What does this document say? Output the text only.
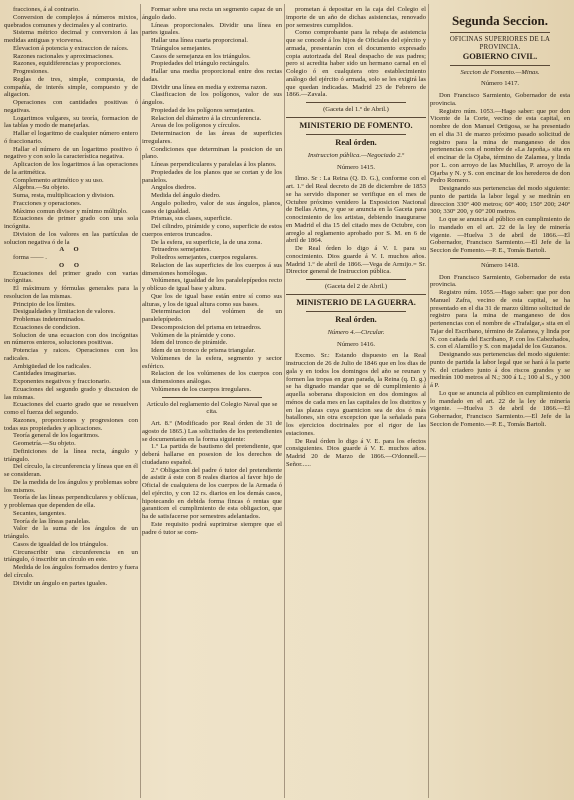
fracciones, á al contrario.

Conversion de complejos á números mixtos, quebrados comunes y decimales y al contrario.

Sistema métrico decimal y conversion á las medidas antiguas y viceversa.

Elevacion á potencia y extraccion de raíces.

Razones racionales y aproximaciones.

Razones, equidiferencias y proporciones.

Progresiones.

Reglas de tres, simple, compuesta, de compañía, de interés simple, compuesto y de aligacion.

Operaciones con cantidades positivas ó negativas.

Logaritmos vulgares, su teoría, formacion de las tablas y modo de manejarlas.

Hallar el logaritmo de cualquier número entero ó fraccionario.

Hallar el número de un logaritmo positivo ó negativo y con solo la característica negativa.

Aplicacion de los logaritmos á las operaciones de la aritmética.

Complemento aritmético y su uso.

Algebra.—Su objeto.

Suma, resta, multiplicacion y division.

Fracciones y operaciones.

Máximo comun divisor y mínimo múltiplo.

Ecuaciones de primer grado con una sola incógnita.

Division de los valores en las partículas de solucion negativa ó de la

A O

forma —— .

O O

Ecuaciones del primer grado con varias incógnitas.

El máximum y fórmulas generales para la resolucion de las mismas.

Principio de los límites.

Desigualdades y limitacion de valores.

Problemas indeterminados.

Ecuaciones de condicion.

Solucion de una ecuacion con dos incógnitas en números enteros, soluciones positivas.

Potencias y raices. Operaciones con los radicales.

Ambigüedad de los radicales.

Cantidades imaginarias.

Exponentes negativos y fraccionario.

Ecuaciones del segundo grado y discusion de las mismas.

Ecuaciones del cuarto grado que se resuelven como el fuerza del segundo.

Razones, proporciones y progresiones con todas sus propiedades y aplicaciones.

Teoría general de los logaritmos.

Geometría.—Su objeto.

Definiciones de la línea recta, ángulo y triángulo.

Del círculo, la circunferencia y líneas que en él se consideran.

De la medida de los ángulos y problemas sobre los mismos.

Teoría de las líneas perpendiculares y oblícuas, y problemas que dependen de ella.

Secantes, tangentes.

Teoría de las líneas paralelas.

Valor de la suma de los ángulos de un triángulo.

Casos de igualdad de los triángulos.

Circunscribir una circunferencia en un triángulo, ó inscribir un círculo en este.

Medida de los ángulos formados dentro y fuera del círculo.

Dividir un ángulo en partes iguales.

Formar sobre una recta un segmento capaz de un ángulo dado.

Líneas proporcionales. Dividir una línea en partes iguales.

Hallar una línea cuarta proporcional.

Triángulos semejantes.

Casos de semejanza en los triángulos.

Propiedades del triángulo rectángulo.

Hallar una media proporcional entre dos rectas dadas.

Dividir una línea en media y extrema razon.

Clasificacion de los polígonos, valor de sus ángulos.

Propiedad de los polígonos semejantes.

Relacion del diámetro á la circunferencia.

Areas de los polígonos y círculos.

Determinacion de las áreas de superficies irregulares.

Condiciones que determinan la posicion de un plano.

Líneas perpendiculares y paralelas á los planos.

Propiedades de los planos que se cortan y de los paralelos.

Angulos diedros.

Medida del ángulo diedro.

Angulo poliedro, valor de sus ángulos, planos, casos de igualdad.

Prismas, sus clases, superficie.

Del cilindro, pirámide y cono, superficie de estos cuerpos enteros truncados.

De la esfera, su superficie, la de una zona.

Tetraedros semejantes.

Poliedros semejantes, cuerpos regulares.

Relacion de las superficies de los cuerpos á sus dimensiones homólogas.

Volúmenes, igualdad de los paralelepípedos recto y oblícuo de igual base y altura.

Que los de igual base están entre sí como sus alturas, y los de igual altura como sus bases.

Determinacion del volúmen de un paralelepípedo.

Descomposicion del prisma en tetraedros.

Volúmen de la pirámide y cono.

Idem del tronco de pirámide.

Idem de un tronco de prisma triangular.

Volúmenes de la esfera, segmento y sector esférico.

Relacion de los volúmenes de los cuerpos con sus dimensiones análogas.

Volúmenes de los cuerpos irregulares.

Artículo del reglamento del Colegio Naval que se cita.

Art. 8.º (Modificado por Real órden de 31 de agosto de 1865.) Las solicitudes de los pretendientes se documentarán en la forma siguiente:

1.º La partida de bautismo del pretendiente, que deberá hallarse en posesion de los derechos de ciudadano español.

2.º Obligacion del padre ó tutor del pretendiente de asistir á este con 8 reales diarios al favor hijo de Oficial de cualquiera de los cuerpos de la Armada ó del ejército, y con 12 rs. diarios en los demás casos, hipotecando en debida forma fincas ó rentas que garanticen el cumplimiento de esta obligacion, que ha de satisfacerse por semestres adelantados.

Este requisito podrá suprimirse siempre que el padre ó tutor se com-

prometan á depositar en la caja del Colegio el importe de un año de dichas asistencias, renovado por semestres cumplidos.

Como comprobante para la rebaja de asistencia que se concede á los hijos de Oficiales del ejército y armada, presentarán con el documento expresado copia autorizada del Real despacho de sus padres; pero si acredita haber sido un hermano carnal en el Colegio ó en cualquiera otro establecimiento análogo del ejército ó armada, solo se les exigirá las que quedan indicadas. Madrid 23 de Febrero de 1866.—Zavala.

(Gaceta del 1.º de Abril.)

MINISTERIO DE FOMENTO.

Real órden.

Instruccion pública.—Negociado 2.º

Número 1415.

Ilmo. Sr : La Reina (Q. D. G.), conforme con el art. 1.º del Real decreto de 28 de diciembre de 1853 se ha servido disponer se verifique en el mes de Octubre próximo venidero la Exposicion Nacional de Bellas Artes, y que se anuncia en la Gaceta para conocimiento de los artistas, debiendo inaugurarse en Madrid el dia 15 del citado mes de Octubre, con arreglo al reglamento aprobado por S. M. en 6 de abril de 1864.

De Real órden lo digo á V. I. para su conocimiento. Dios guarde á V. I. muchos años. Madrid 1.º de abril de 1866.—Vega de Armijo.= Sr. Director general de Instruccion pública.

(Gaceta del 2 de Abril.)

MINISTERIO DE LA GUERRA.

Real órden.

Número 4.—Circular.

Número 1416.

Excmo. Sr.: Estando dispuesto en la Real instruccion de 26 de Julio de 1846 que en los dias de gala y en todos los domingos del año se reunan y formen las tropas en gran parada, la Reina (q. D. g.) se ha dignado mandar que se dé cumplimiento á aquella soberana disposicion en dos domingos al ménos de cada mes en las capitales de los distritos y en las plazas cuya guarnicion sea de dos ó más batallones, sin otra excepcion que la señalada para los ejercicios doctrinales por el rigor de las estaciones.

De Real órden lo digo á V. E. para los efectos consiguientes. Dios guarde á V. E. muchos años. Madrid 20 de Marzo de 1866.—O'donnell.—Señor......

Segunda Seccion.

OFICINAS SUPERIORES DE LA

PROVINCIA.

GOBIERNO CIVIL.

Seccion de Fomento.—Minas.

Número 1417.

Don Francisco Sarmiento, Gobernador de esta provincia.

Registro núm. 1053.—Hago saber: que por don Vicente de la Corte, vecino de esta capital, en nombre de don Manuel Ortigosa, se ha presentado en el dia 31 de marzo próximo pasado solicitud de registro para la mina de manganeso de dos pertenencias con el nombre de «La Japoña,» sita en el encinar de la Ojaba, término de Zalamea, y linda por L. con arroyo de las Muchillas, P. arroyo de la Ojarba y N. y S. con encinar de los herederos de don Pedro Romero.

Designando sus pertenencias del modo siguiente: punto de partida la labor legal y se medirán en direccion 330º 400 metros; 60º 400; 150º 200; 240º 300; 330º 200, y 60º 200 metros.

Lo que se anuncia al público en cumplimiento de lo mandado en el art. 22 de la ley de minería vigente. —Huelva 3 de abril de 1866.—El Gobernador, Francisco Sarmiento.—El Jefe de la Seccion de Fomento.—P. E., Tomás Bartoli.

Número 1418.

Don Francisco Sarmiento, Gobernador de esta provincia.

Registro núm. 1055.—Hago saber: que por don Manuel Zafra, vecino de esta capital, se ha presentado en el dia 31 de marzo último solicitud de registro para la mina de manganeso de dos pertenencias con el nombre de «Trafalgar,» sita en el Tajar del Escribano, término de Zalamea, y linda por N. con cañada del Escribano, P. con los Cabezhados, S. con el Alamillo y S. con majadal de los Guzanos.

Designando sus pertenencias del modo siguiente: punto de partida la labor legal que se hará á la parte N. del criadero junto á dos riscos grandes y se medirán 100 metros al N.; 300 á L.; 100 al S., y 300 á P.

Lo que se anuncia al público en cumplimiento de lo mandado en el art. 22 de la ley de minería vigente. —Huelva 3 de abril de 1866.—El Gobernador, Francisco Sarmiento.—El Jefe de la Seccion de Fomento.—P. E., Tomás Bartoli.
